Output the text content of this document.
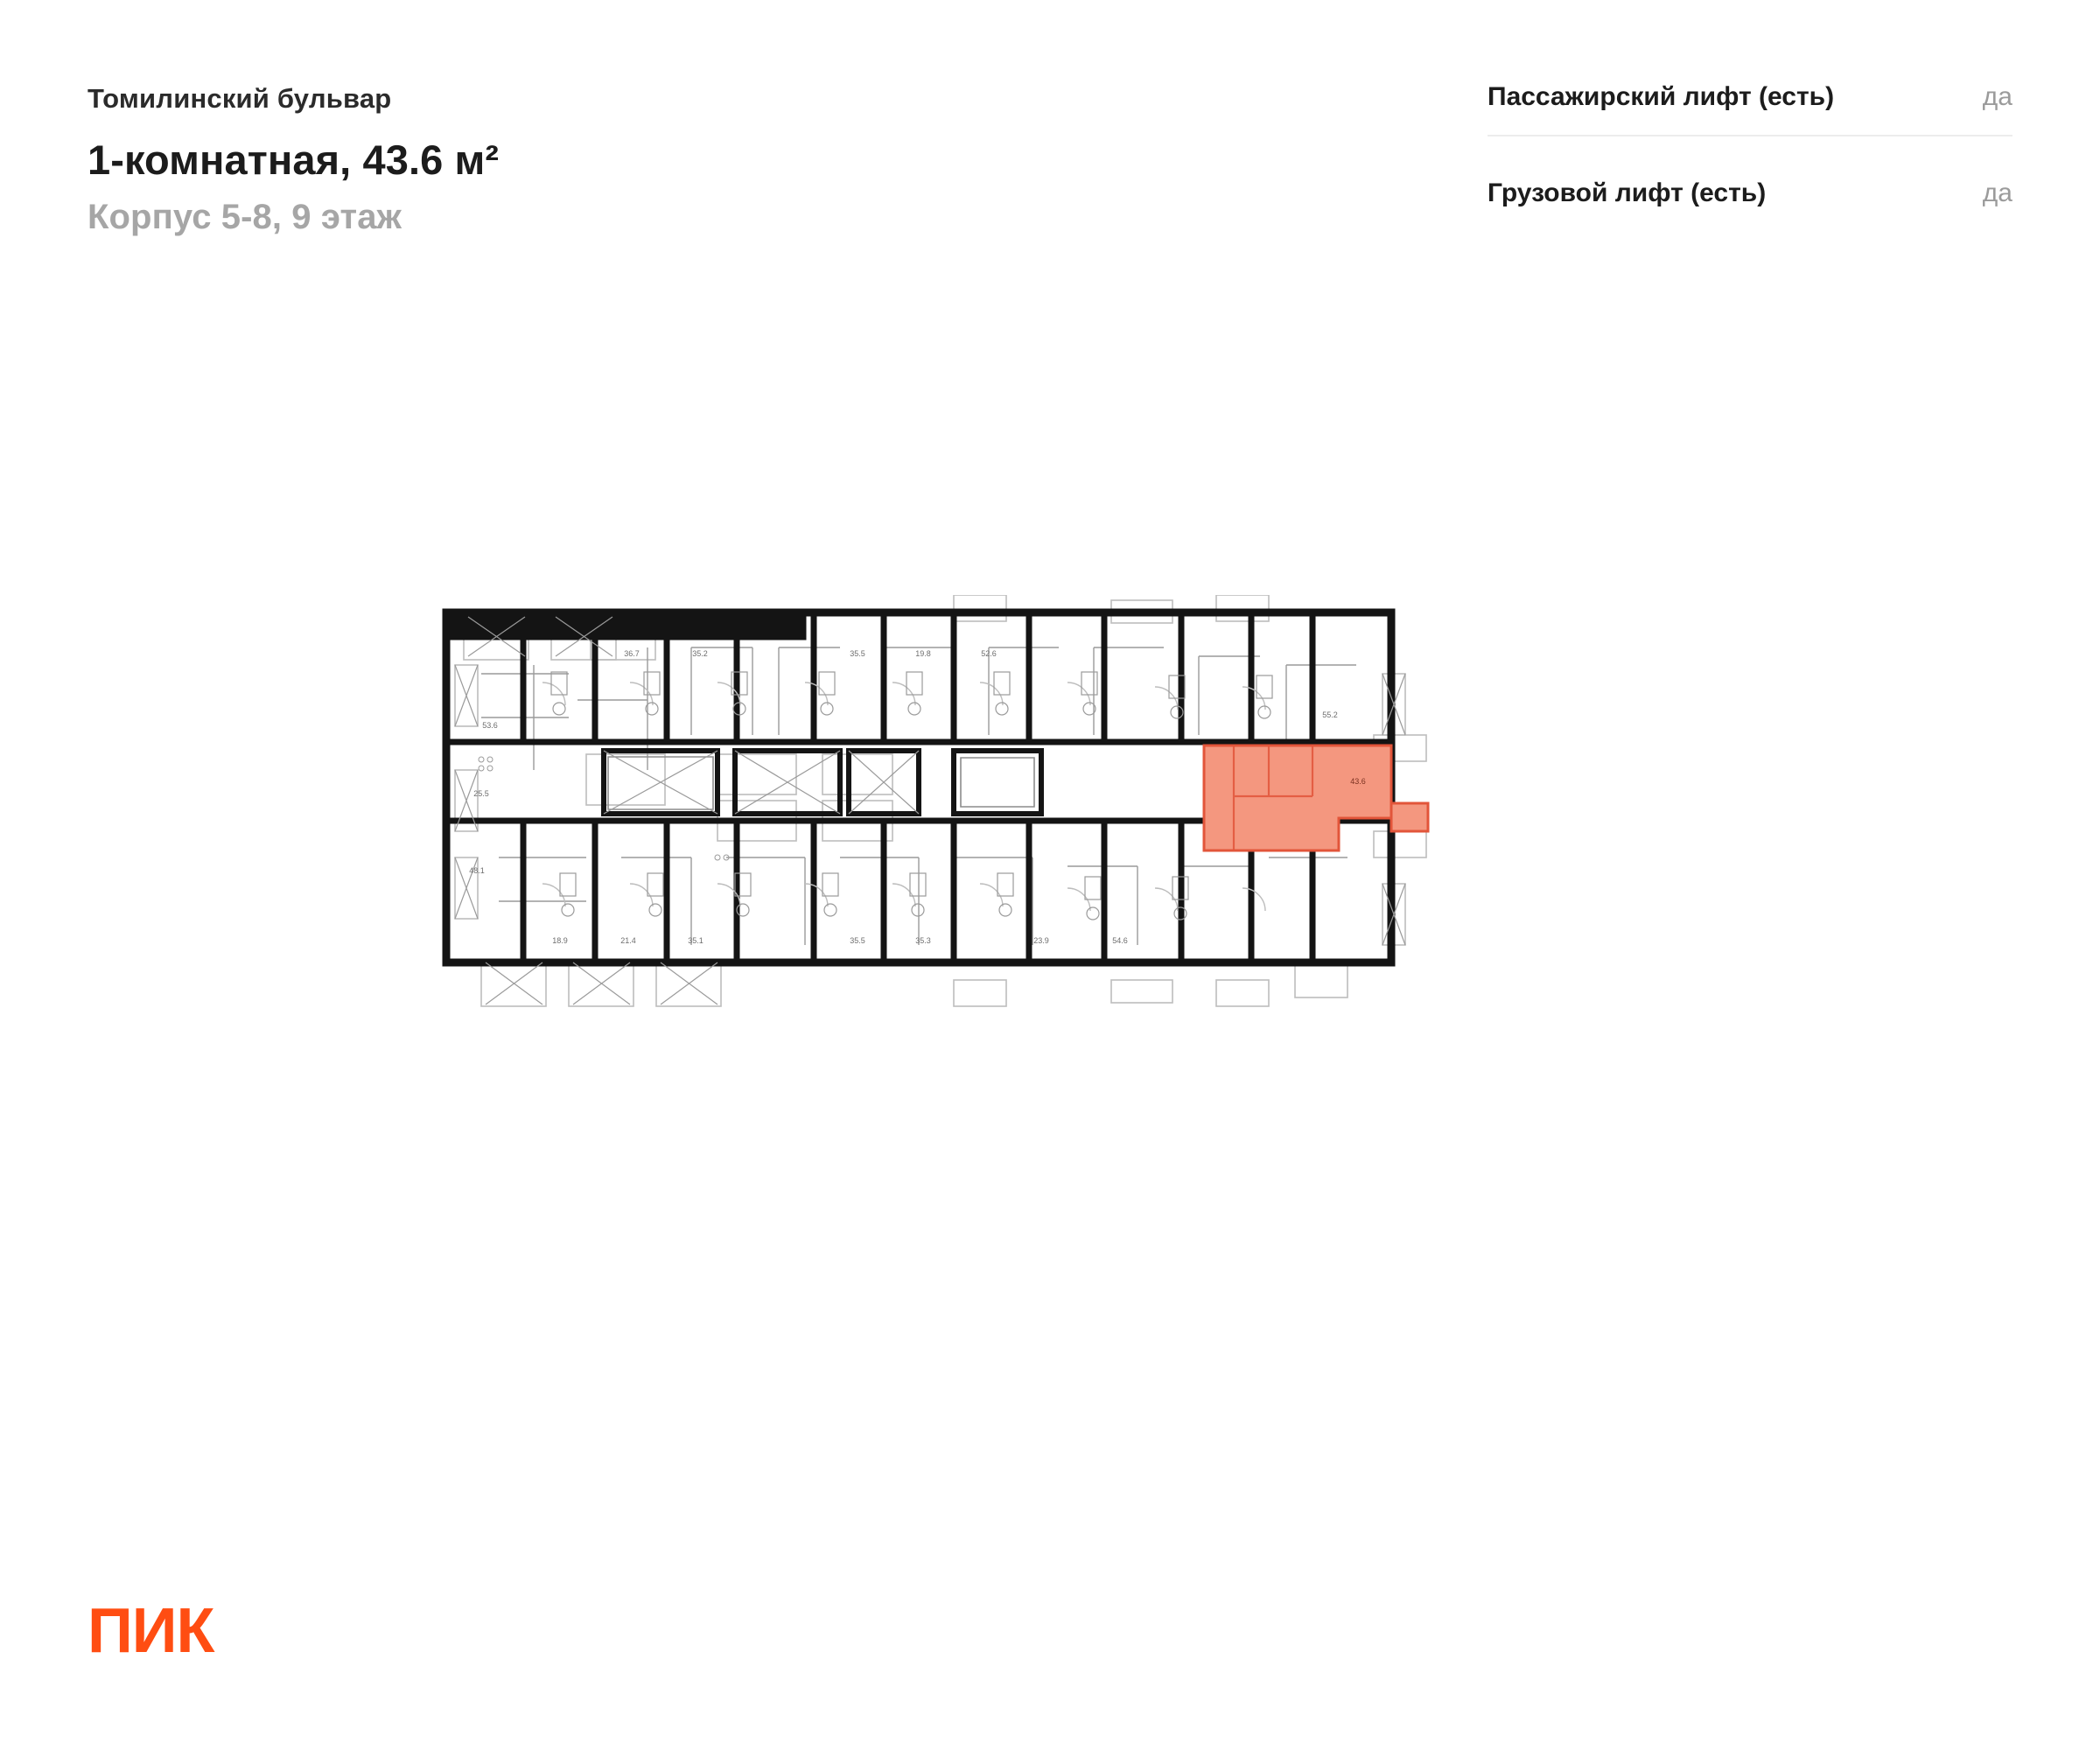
Томилинский бульвар
1-комнатная, 43.6 м²
Корпус 5-8, 9 этаж
Пассажирский лифт (есть)	да
Грузовой лифт (есть)	да
43.6
53.6
36.7	35.2	35.5	19.8	52.6
55.2
25.5
48.1
18.9	21.4	35.1	35.5	35.3	23.9	54.6
ПИК
